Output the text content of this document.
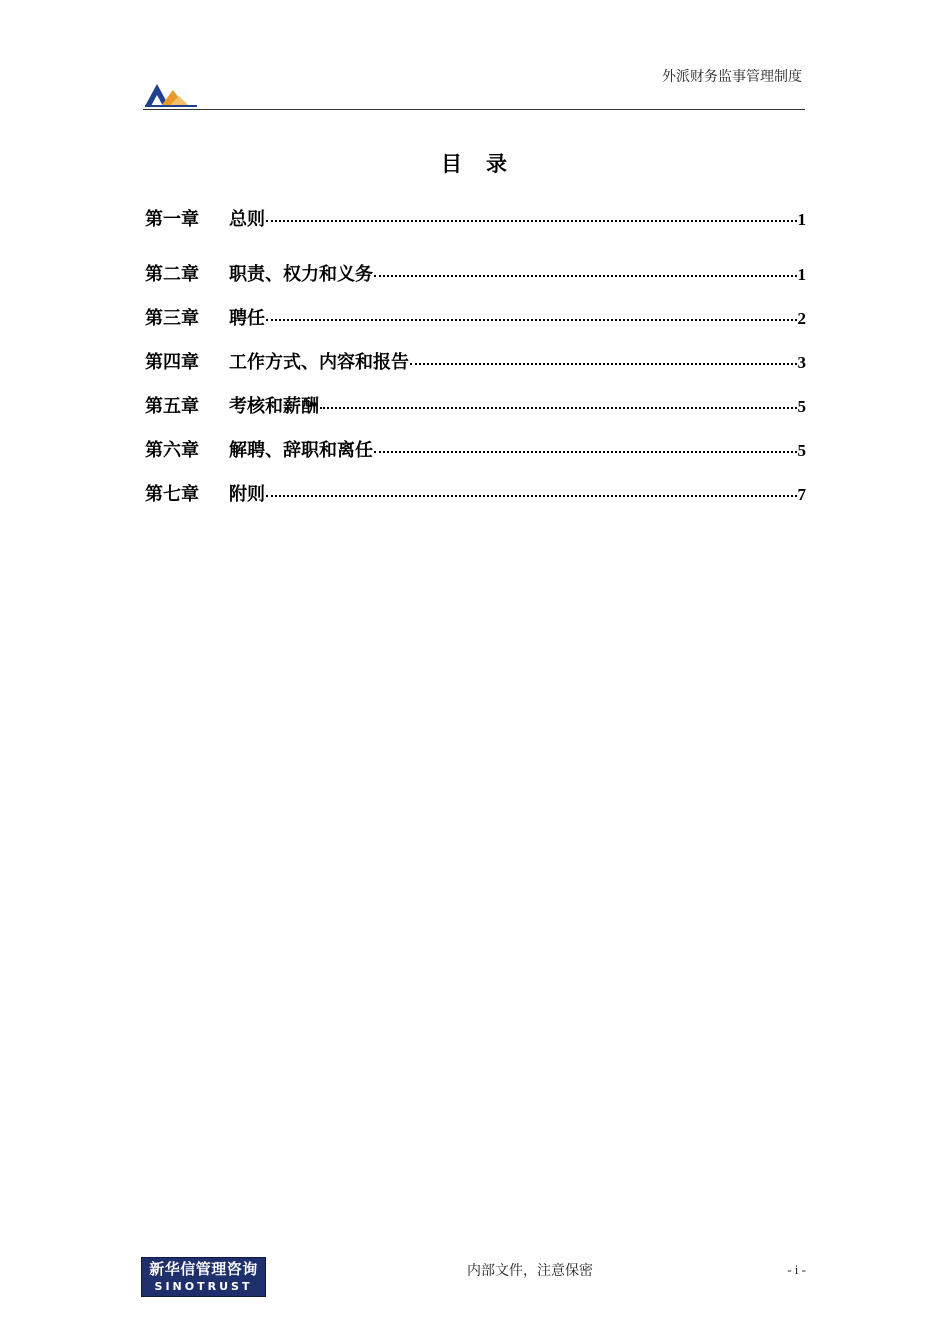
外派财务监事管理制度
目 录
第一章	总则	1
第二章	职责、权力和义务	1
第三章	聘任	2
第四章	工作方式、内容和报告	3
第五章	考核和薪酬	5
第六章	解聘、辞职和离任	5
第七章	附则	7
新华信管理咨询
SINOTRUST
内部文件，注意保密	- i -
